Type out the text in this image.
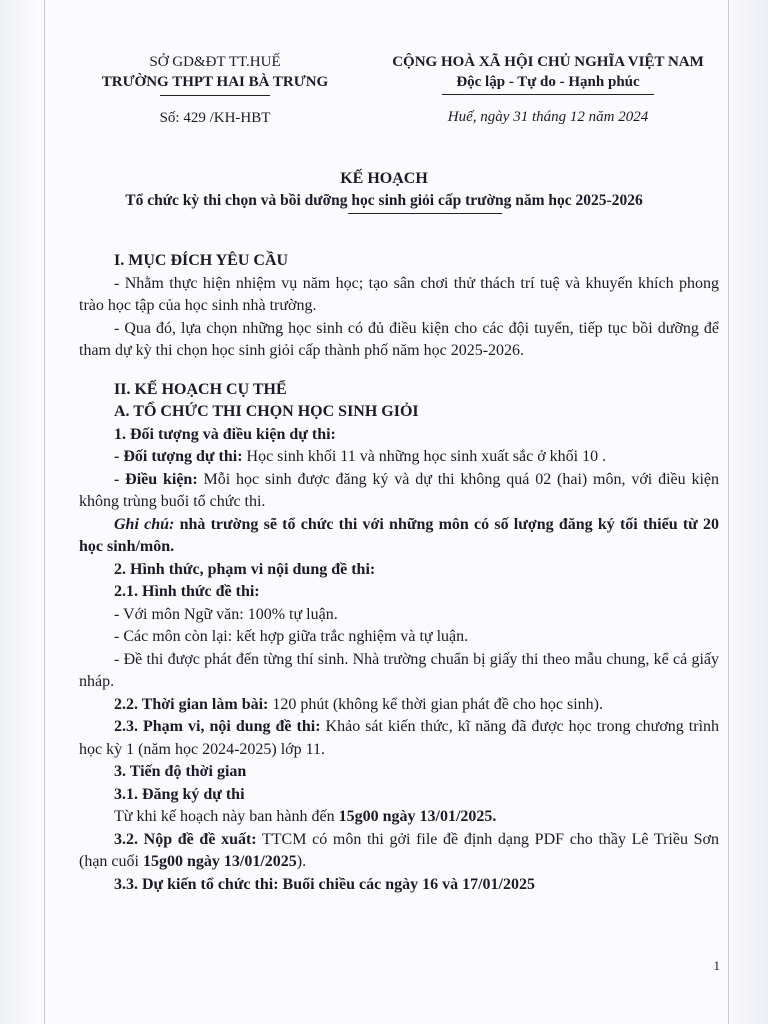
SỞ GD&ĐT TT.HUẾ
TRƯỜNG THPT HAI BÀ TRƯNG
Số: 429 /KH-HBT
CỘNG HOÀ XÃ HỘI CHỦ NGHĨA VIỆT NAM
Độc lập - Tự do - Hạnh phúc
Huế, ngày 31 tháng 12 năm 2024
KẾ HOẠCH
Tổ chức kỳ thi chọn và bồi dưỡng học sinh giỏi cấp trường năm học 2025-2026

I. MỤC ĐÍCH YÊU CẦU

- Nhằm thực hiện nhiệm vụ năm học; tạo sân chơi thử thách trí tuệ và khuyến khích phong trào học tập của học sinh nhà trường.

- Qua đó, lựa chọn những học sinh có đủ điều kiện cho các đội tuyển, tiếp tục bồi dưỡng để tham dự kỳ thi chọn học sinh giỏi cấp thành phố năm học 2025-2026.

II. KẾ HOẠCH CỤ THỂ

A. TỔ CHỨC THI CHỌN HỌC SINH GIỎI

1. Đối tượng và điều kiện dự thi:

- Đối tượng dự thi: Học sinh khối 11 và những học sinh xuất sắc ở khối 10 .

- Điều kiện: Mỗi học sinh được đăng ký và dự thi không quá 02 (hai) môn, với điều kiện không trùng buổi tổ chức thi.

Ghi chú: nhà trường sẽ tổ chức thi với những môn có số lượng đăng ký tối thiểu từ 20 học sinh/môn.

2. Hình thức, phạm vi nội dung đề thi:

2.1. Hình thức đề thi:

- Với môn Ngữ văn: 100% tự luận.

- Các môn còn lại: kết hợp giữa trắc nghiệm và tự luận.

- Đề thi được phát đến từng thí sinh. Nhà trường chuẩn bị giấy thi theo mẫu chung, kể cả giấy nháp.

2.2. Thời gian làm bài: 120 phút (không kể thời gian phát đề cho học sinh).

2.3. Phạm vi, nội dung đề thi: Khảo sát kiến thức, kĩ năng đã được học trong chương trình học kỳ 1 (năm học 2024-2025) lớp 11.

3. Tiến độ thời gian

3.1. Đăng ký dự thi

Từ khi kế hoạch này ban hành đến 15g00 ngày 13/01/2025.

3.2. Nộp đề đề xuất: TTCM có môn thi gởi file đề định dạng PDF cho thầy Lê Triều Sơn (hạn cuối 15g00 ngày 13/01/2025).

3.3. Dự kiến tổ chức thi: Buổi chiều các ngày 16 và 17/01/2025

1
